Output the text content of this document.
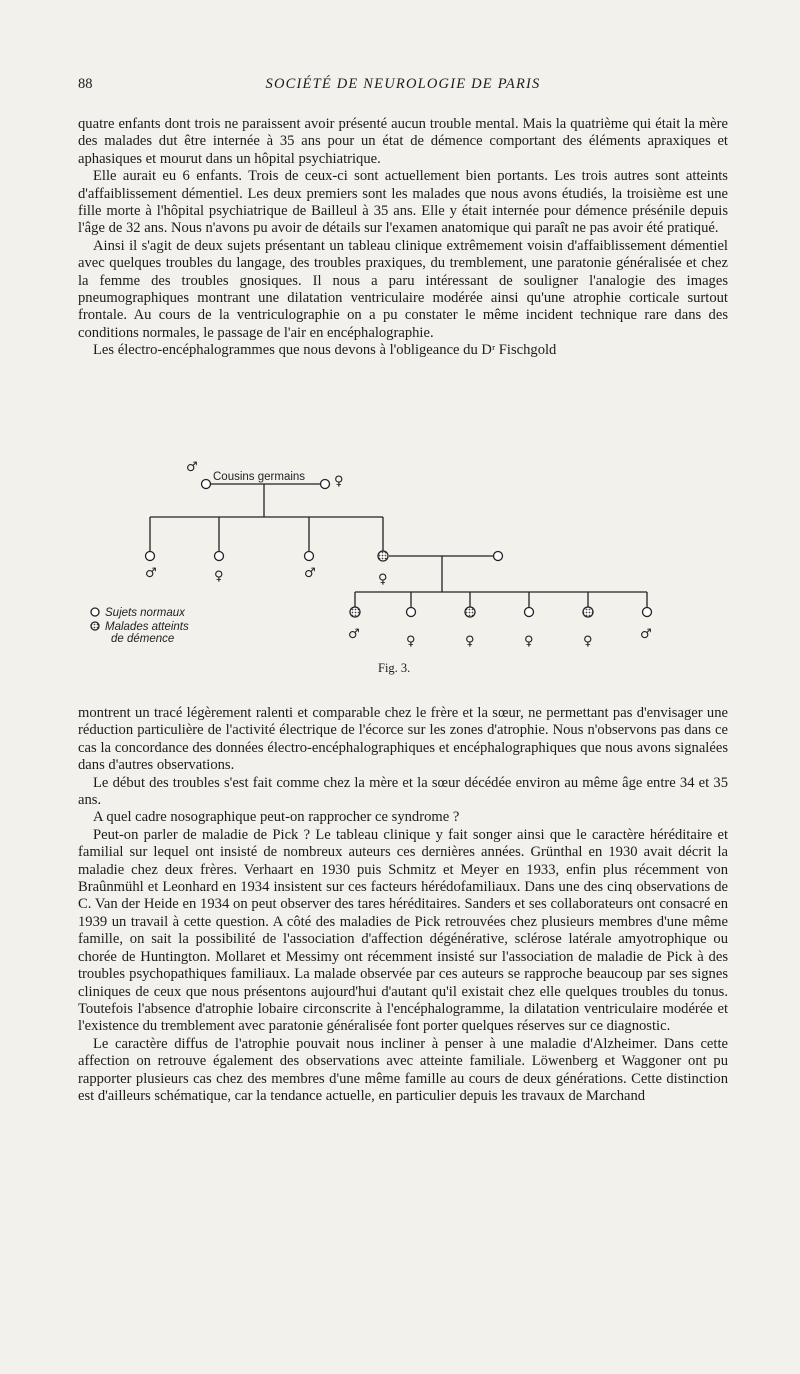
88	SOCIÉTÉ DE NEUROLOGIE DE PARIS

quatre enfants dont trois ne paraissent avoir présenté aucun trouble mental. Mais la quatrième qui était la mère des malades dut être internée à 35 ans pour un état de démence comportant des éléments apraxiques et aphasiques et mourut dans un hôpital psychiatrique.

Elle aurait eu 6 enfants. Trois de ceux-ci sont actuellement bien portants. Les trois autres sont atteints d'affaiblissement démentiel. Les deux premiers sont les malades que nous avons étudiés, la troisième est une fille morte à l'hôpital psychiatrique de Bailleul à 35 ans. Elle y était internée pour démence présénile depuis l'âge de 32 ans. Nous n'avons pu avoir de détails sur l'examen anatomique qui paraît ne pas avoir été pratiqué.

Ainsi il s'agit de deux sujets présentant un tableau clinique extrêmement voisin d'affaiblissement démentiel avec quelques troubles du langage, des troubles praxiques, du tremblement, une paratonie généralisée et chez la femme des troubles gnosiques. Il nous a paru intéressant de souligner l'analogie des images pneumographiques montrant une dilatation ventriculaire modérée ainsi qu'une atrophie corticale surtout frontale. Au cours de la ventriculographie on a pu constater le même incident technique rare dans des conditions normales, le passage de l'air en encéphalographie.

Les électro-encéphalogrammes que nous devons à l'obligeance du Dʳ Fischgold

♂
♀
♂	♀	♂	♀
♂	♀	♀	♀	♀	♂
Cousins germains
Sujets normaux
Malades atteints
de démence
Fig. 3.

montrent un tracé légèrement ralenti et comparable chez le frère et la sœur, ne permettant pas d'envisager une réduction particulière de l'activité électrique de l'écorce sur les zones d'atrophie. Nous n'observons pas dans ce cas la concordance des données électro-encéphalographiques et encéphalographiques que nous avons signalées dans d'autres observations.

Le début des troubles s'est fait comme chez la mère et la sœur décédée environ au même âge entre 34 et 35 ans.

A quel cadre nosographique peut-on rapprocher ce syndrome ?

Peut-on parler de maladie de Pick ? Le tableau clinique y fait songer ainsi que le caractère héréditaire et familial sur lequel ont insisté de nombreux auteurs ces dernières années. Grünthal en 1930 avait décrit la maladie chez deux frères. Verhaart en 1930 puis Schmitz et Meyer en 1933, enfin plus récemment von Braûnmühl et Leonhard en 1934 insistent sur ces facteurs hérédofamiliaux. Dans une des cinq observations de C. Van der Heide en 1934 on peut observer des tares héréditaires. Sanders et ses collaborateurs ont consacré en 1939 un travail à cette question. A côté des maladies de Pick retrouvées chez plusieurs membres d'une même famille, on sait la possibilité de l'association d'affection dégénérative, sclérose latérale amyotrophique ou chorée de Huntington. Mollaret et Messimy ont récemment insisté sur l'association de maladie de Pick à des troubles psychopathiques familiaux. La malade observée par ces auteurs se rapproche beaucoup par ses signes cliniques de ceux que nous présentons aujourd'hui d'autant qu'il existait chez elle quelques troubles du tonus. Toutefois l'absence d'atrophie lobaire circonscrite à l'encéphalogramme, la dilatation ventriculaire modérée et l'existence du tremblement avec paratonie généralisée font porter quelques réserves sur ce diagnostic.

Le caractère diffus de l'atrophie pouvait nous incliner à penser à une maladie d'Alzheimer. Dans cette affection on retrouve également des observations avec atteinte familiale. Löwenberg et Waggoner ont pu rapporter plusieurs cas chez des membres d'une même famille au cours de deux générations. Cette distinction est d'ailleurs schématique, car la tendance actuelle, en particulier depuis les travaux de Marchand
